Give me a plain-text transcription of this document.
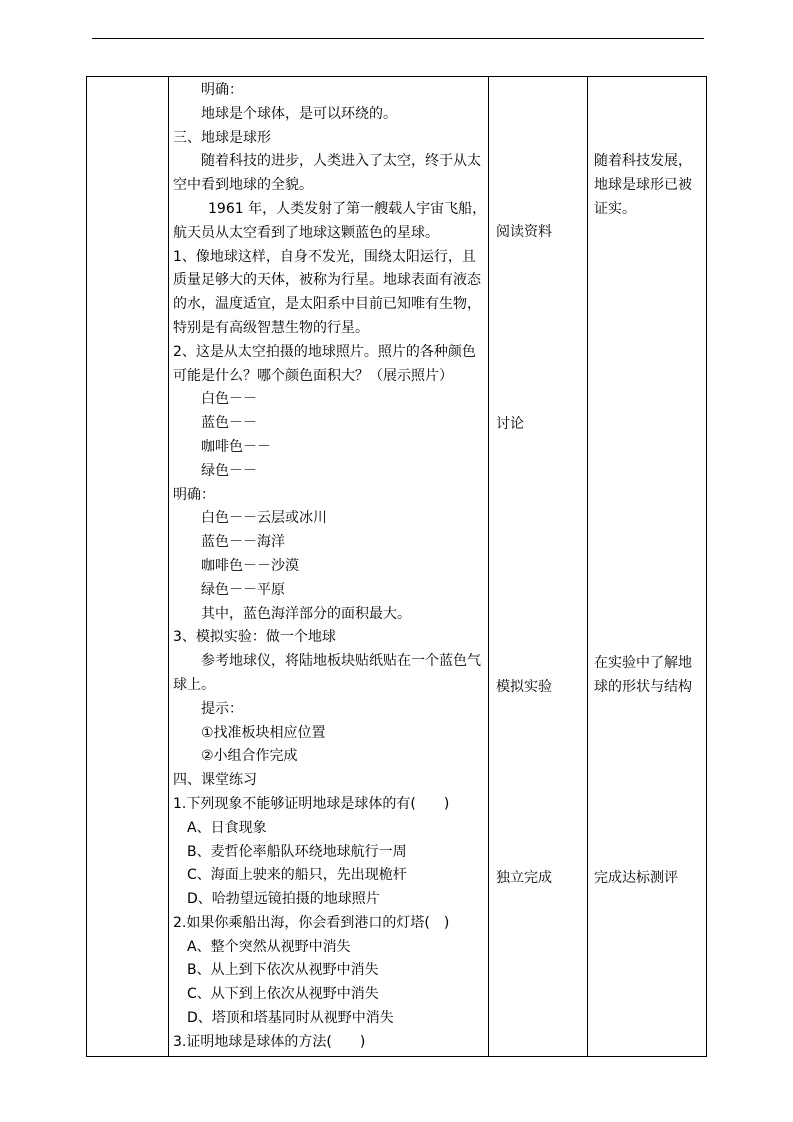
明确：
地球是个球体，是可以环绕的。
三、地球是球形
随着科技的进步，人类进入了太空，终于从太
空中看到地球的全貌。
1961 年，人类发射了第一艘载人宇宙飞船，
航天员从太空看到了地球这颗蓝色的星球。
1、像地球这样，自身不发光，围绕太阳运行，且
质量足够大的天体，被称为行星。地球表面有液态
的水，温度适宜，是太阳系中目前已知唯有生物，
特别是有高级智慧生物的行星。
2、这是从太空拍摄的地球照片。照片的各种颜色
可能是什么？哪个颜色面积大？（展示照片）
白色－－
蓝色－－
咖啡色－－
绿色－－
明确：
白色－－云层或冰川
蓝色－－海洋
咖啡色－－沙漠
绿色－－平原
其中，蓝色海洋部分的面积最大。
3、模拟实验：做一个地球
参考地球仪，将陆地板块贴纸贴在一个蓝色气
球上。
提示：
①找准板块相应位置
②小组合作完成
四、课堂练习
1.下列现象不能够证明地球是球体的有(　　)
A、日食现象
B、麦哲伦率船队环绕地球航行一周
C、海面上驶来的船只，先出现桅杆
D、哈勃望远镜拍摄的地球照片
2.如果你乘船出海，你会看到港口的灯塔(　)
A、整个突然从视野中消失
B、从上到下依次从视野中消失
C、从下到上依次从视野中消失
D、塔顶和塔基同时从视野中消失
3.证明地球是球体的方法(　　)
阅读资料
讨论
模拟实验
独立完成
随着科技发展，
地球是球形已被
证实。
在实验中了解地
球的形状与结构
完成达标测评
